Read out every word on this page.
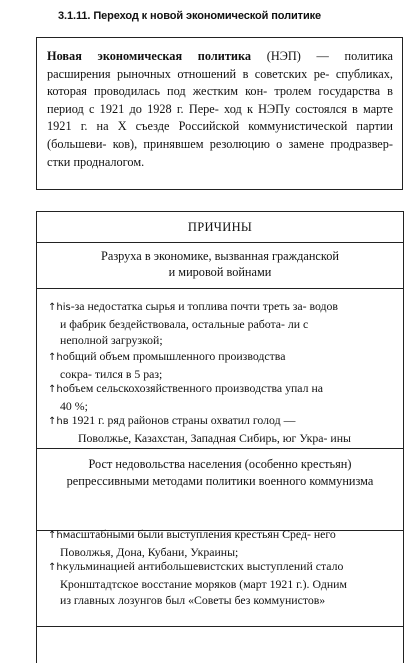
3.1.11. Переход к новой экономической политике
Новая экономическая политика (НЭП) — политика расширения рыночных отношений в советских ре- спубликах, которая проводилась под жестким кон- тролем государства в период с 1921 до 1928 г. Пере- ход к НЭПу состоялся в марте 1921 г. на X съезде Российской коммунистической партии (большеви- ков), принявшем резолюцию о замене продразвер- стки продналогом.
ПРИЧИНЫ
Разруха в экономике, вызванная гражданской
и мировой войнами
↑his-за недостатка сырья и топлива почти треть за- водов
и фабрик бездействовала, остальные работа- ли с
неполной загрузкой;
↑hoбщий объем промышленного производства
сокра- тился в 5 раз;
↑hoбъем сельскохозяйственного производства упал на
40 %;
↑hв 1921 г. ряд районов страны охватил голод —
Поволжье, Казахстан, Западная Сибирь, юг Укра- ины
Рост недовольства населения (особенно крестьян)
репрессивными методами политики военного коммунизма
↑hмасштабными были выступления крестьян Сред- него
Поволжья, Дона, Кубани, Украины;
↑hкульминацией антибольшевистских выступлений стало
Кронштадтское восстание моряков (март 1921 г.). Одним
из главных лозунгов был «Советы без коммунистов»
